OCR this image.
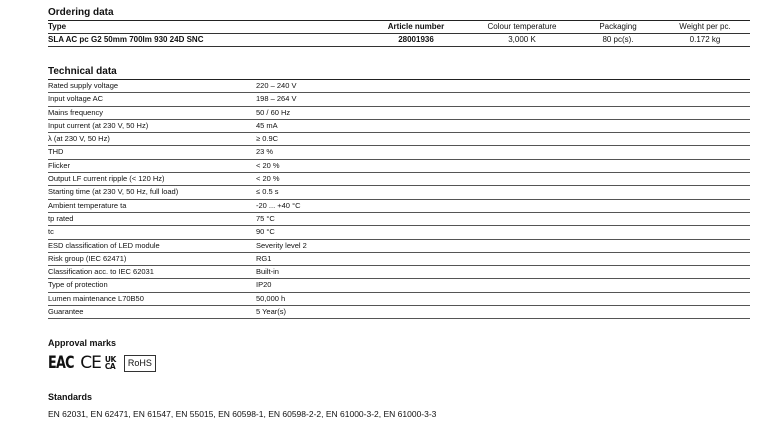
Ordering data
Type	Article number	Colour temperature	Packaging	Weight per pc.
SLA AC pc G2 50mm 700lm 930 24D SNC	28001936	3,000 K	80 pc(s).	0.172 kg
Technical data
Rated supply voltage	220 – 240 V
Input voltage AC	198 – 264 V
Mains frequency	50 / 60 Hz
Input current (at 230 V, 50 Hz)	45 mA
λ (at 230 V, 50 Hz)	≥ 0.9C
THD	23 %
Flicker	< 20 %
Output LF current ripple (< 120 Hz)	< 20 %
Starting time (at 230 V, 50 Hz, full load)	≤ 0.5 s
Ambient temperature ta	-20 ... +40 °C
tp rated	75 °C
tc	90 °C
ESD classification of LED module	Severity level 2
Risk group (IEC 62471)	RG1
Classification acc. to IEC 62031	Built-in
Type of protection	IP20
Lumen maintenance L70B50	50,000 h
Guarantee	5 Year(s)
Approval marks
EAC CE UK
CA	RoHS
Standards
EN 62031, EN 62471, EN 61547, EN 55015, EN 60598-1, EN 60598-2-2, EN 61000-3-2, EN 61000-3-3
